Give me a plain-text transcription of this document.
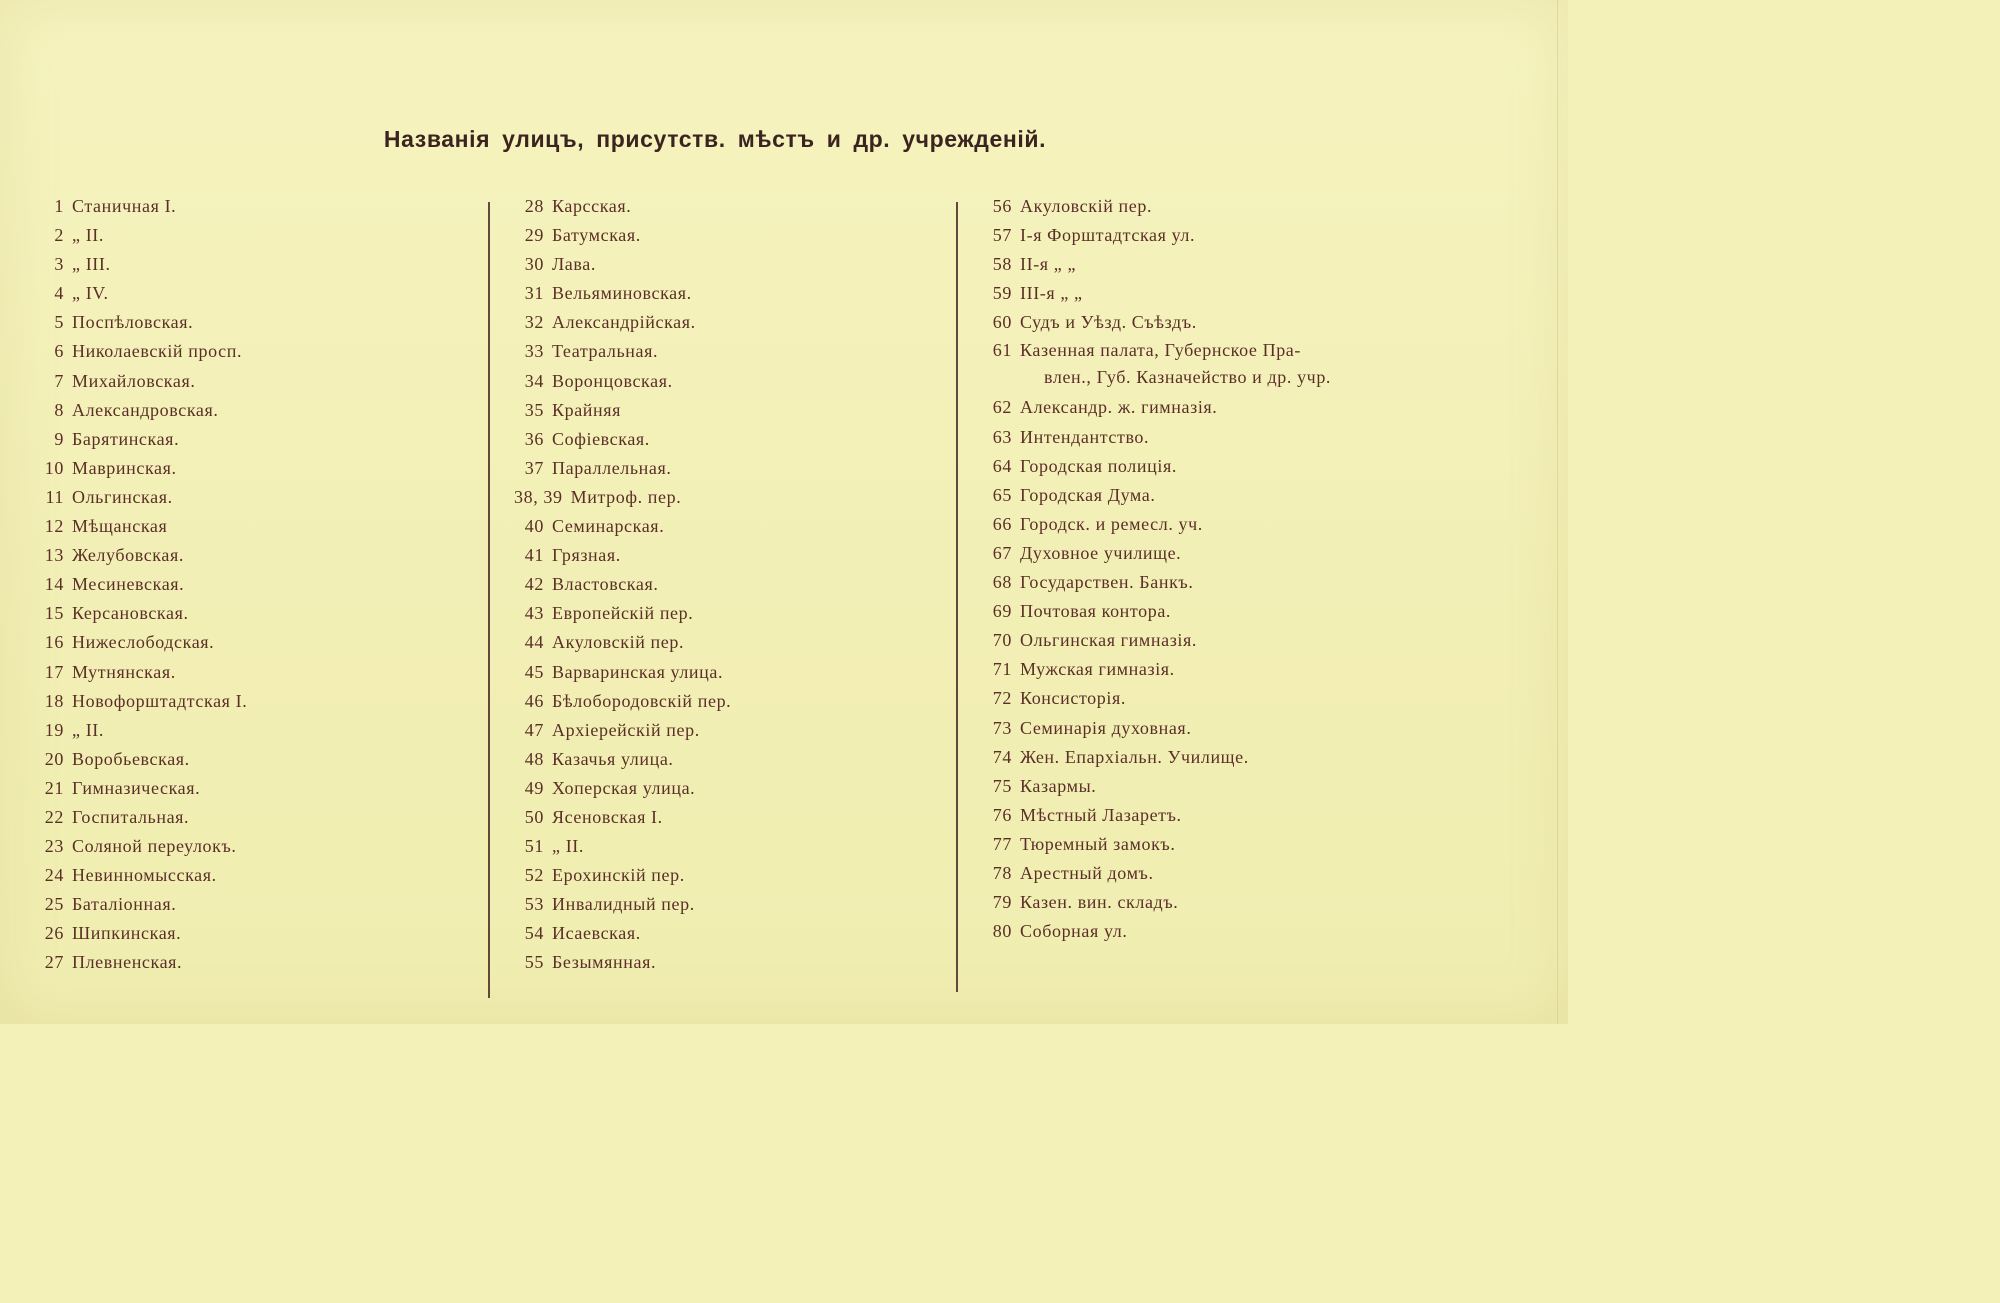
Названія улицъ, присутств. мѣстъ и др. учрежденій.
1 Станичная I.
2 „ II.
3 „ III.
4 „ IV.
5 Поспѣловская.
6 Николаевскій просп.
7 Михайловская.
8 Александровская.
9 Барятинская.
10 Мавринская.
11 Ольгинская.
12 Мѣщанская
13 Желубовская.
14 Месиневская.
15 Керсановская.
16 Нижеслободская.
17 Мутнянская.
18 Новофорштадтская I.
19 „ II.
20 Воробьевская.
21 Гимназическая.
22 Госпитальная.
23 Соляной переулокъ.
24 Невинномысская.
25 Баталіонная.
26 Шипкинская.
27 Плевненская.
28 Карсская.
29 Батумская.
30 Лава.
31 Вельяминовская.
32 Александрійская.
33 Театральная.
34 Воронцовская.
35 Крайняя
36 Софіевская.
37 Параллельная.
38, 39 Митроф. пер.
40 Семинарская.
41 Грязная.
42 Властовская.
43 Европейскій пер.
44 Акуловскій пер.
45 Варваринская улица.
46 Бѣлобородовскій пер.
47 Архіерейскій пер.
48 Казачья улица.
49 Хоперская улица.
50 Ясеновская I.
51 „ II.
52 Ерохинскій пер.
53 Инвалидный пер.
54 Исаевская.
55 Безымянная.
56 Акуловскій пер.
57 I-я Форштадтская ул.
58 II-я „ „
59 III-я „ „
60 Судъ и Уѣзд. Съѣздъ.
61 Казенная палата, Губернское Пра-
влен., Губ. Казначейство и др. учр.
62 Александр. ж. гимназія.
63 Интендантство.
64 Городская полиція.
65 Городская Дума.
66 Городск. и ремесл. уч.
67 Духовное училище.
68 Государствен. Банкъ.
69 Почтовая контора.
70 Ольгинская гимназія.
71 Мужская гимназія.
72 Консисторія.
73 Семинарія духовная.
74 Жен. Епархіальн. Училище.
75 Казармы.
76 Мѣстный Лазаретъ.
77 Тюремный замокъ.
78 Арестный домъ.
79 Казен. вин. складъ.
80 Соборная ул.
